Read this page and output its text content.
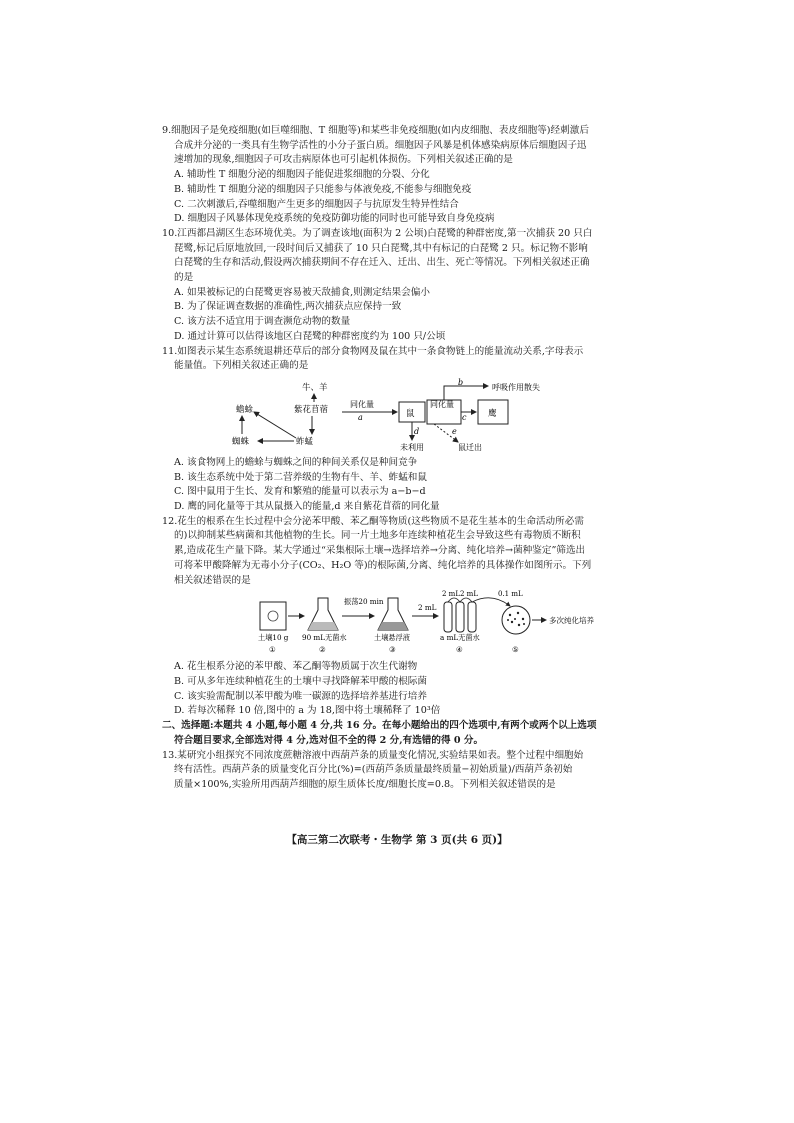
9.细胞因子是免疫细胞(如巨噬细胞、T 细胞等)和某些非免疫细胞(如内皮细胞、表皮细胞等)经刺激后

合成并分泌的一类具有生物学活性的小分子蛋白质。细胞因子风暴是机体感染病原体后细胞因子迅

速增加的现象,细胞因子可攻击病原体也可引起机体损伤。下列相关叙述正确的是

A. 辅助性 T 细胞分泌的细胞因子能促进浆细胞的分裂、分化

B. 辅助性 T 细胞分泌的细胞因子只能参与体液免疫,不能参与细胞免疫

C. 二次刺激后,吞噬细胞产生更多的细胞因子与抗原发生特异性结合

D. 细胞因子风暴体现免疫系统的免疫防御功能的同时也可能导致自身免疫病

10.江西都昌湖区生态环境优美。为了调查该地(面积为 2 公顷)白琵鹭的种群密度,第一次捕获 20 只白

琵鹭,标记后原地放回,一段时间后又捕获了 10 只白琵鹭,其中有标记的白琵鹭 2 只。标记物不影响

白琵鹭的生存和活动,假设两次捕获期间不存在迁入、迁出、出生、死亡等情况。下列相关叙述正确

的是

A. 如果被标记的白琵鹭更容易被天敌捕食,则测定结果会偏小

B. 为了保证调查数据的准确性,两次捕获点应保持一致

C. 该方法不适宜用于调查濒危动物的数量

D. 通过计算可以估得该地区白琵鹭的种群密度约为 100 只/公顷

11.如图表示某生态系统退耕还草后的部分食物网及鼠在其中一条食物链上的能量流动关系,字母表示

能量值。下列相关叙述正确的是

牛、羊
紫花苜蓿
蟾蜍
蜘蛛	蚱蜢
同化量
a	鼠
同化量
c	鹰
b
呼吸作用散失
d
未利用
e
鼠迁出

A. 该食物网上的蟾蜍与蜘蛛之间的种间关系仅是种间竞争

B. 该生态系统中处于第二营养级的生物有牛、羊、蚱蜢和鼠

C. 图中鼠用于生长、发育和繁殖的能量可以表示为 a−b−d

D. 鹰的同化量等于其从鼠摄入的能量,d 来自紫花苜蓿的同化量

12.花生的根系在生长过程中会分泌苯甲酸、苯乙酮等物质(这些物质不是花生基本的生命活动所必需

的)以抑制某些病菌和其他植物的生长。同一片土地多年连续种植花生会导致这些有毒物质不断积

累,造成花生产量下降。某大学通过“采集根际土壤→选择培养→分离、纯化培养→菌种鉴定”筛选出

可将苯甲酸降解为无毒小分子(CO₂、H₂O 等)的根际菌,分离、纯化培养的具体操作如图所示。下列

相关叙述错误的是

土壤10 g
①
90 mL无菌水
②
振荡20 min
土壤悬浮液
③
2 mL
2 mL 2 mL
a mL无菌水
④
0.1 mL
⑤
多次纯化培养

A. 花生根系分泌的苯甲酸、苯乙酮等物质属于次生代谢物

B. 可从多年连续种植花生的土壤中寻找降解苯甲酸的根际菌

C. 该实验需配制以苯甲酸为唯一碳源的选择培养基进行培养

D. 若每次稀释 10 倍,图中的 a 为 18,图中将土壤稀释了 10³倍

二、选择题:本题共 4 小题,每小题 4 分,共 16 分。在每小题给出的四个选项中,有两个或两个以上选项

符合题目要求,全部选对得 4 分,选对但不全的得 2 分,有选错的得 0 分。

13.某研究小组探究不同浓度蔗糖溶液中西葫芦条的质量变化情况,实验结果如表。整个过程中细胞始

终有活性。西葫芦条的质量变化百分比(%)=(西葫芦条质量最终质量−初始质量)/西葫芦条初始

质量×100%,实验所用西葫芦细胞的原生质体长度/细胞长度=0.8。下列相关叙述错误的是

【高三第二次联考・生物学 第 3 页(共 6 页)】
